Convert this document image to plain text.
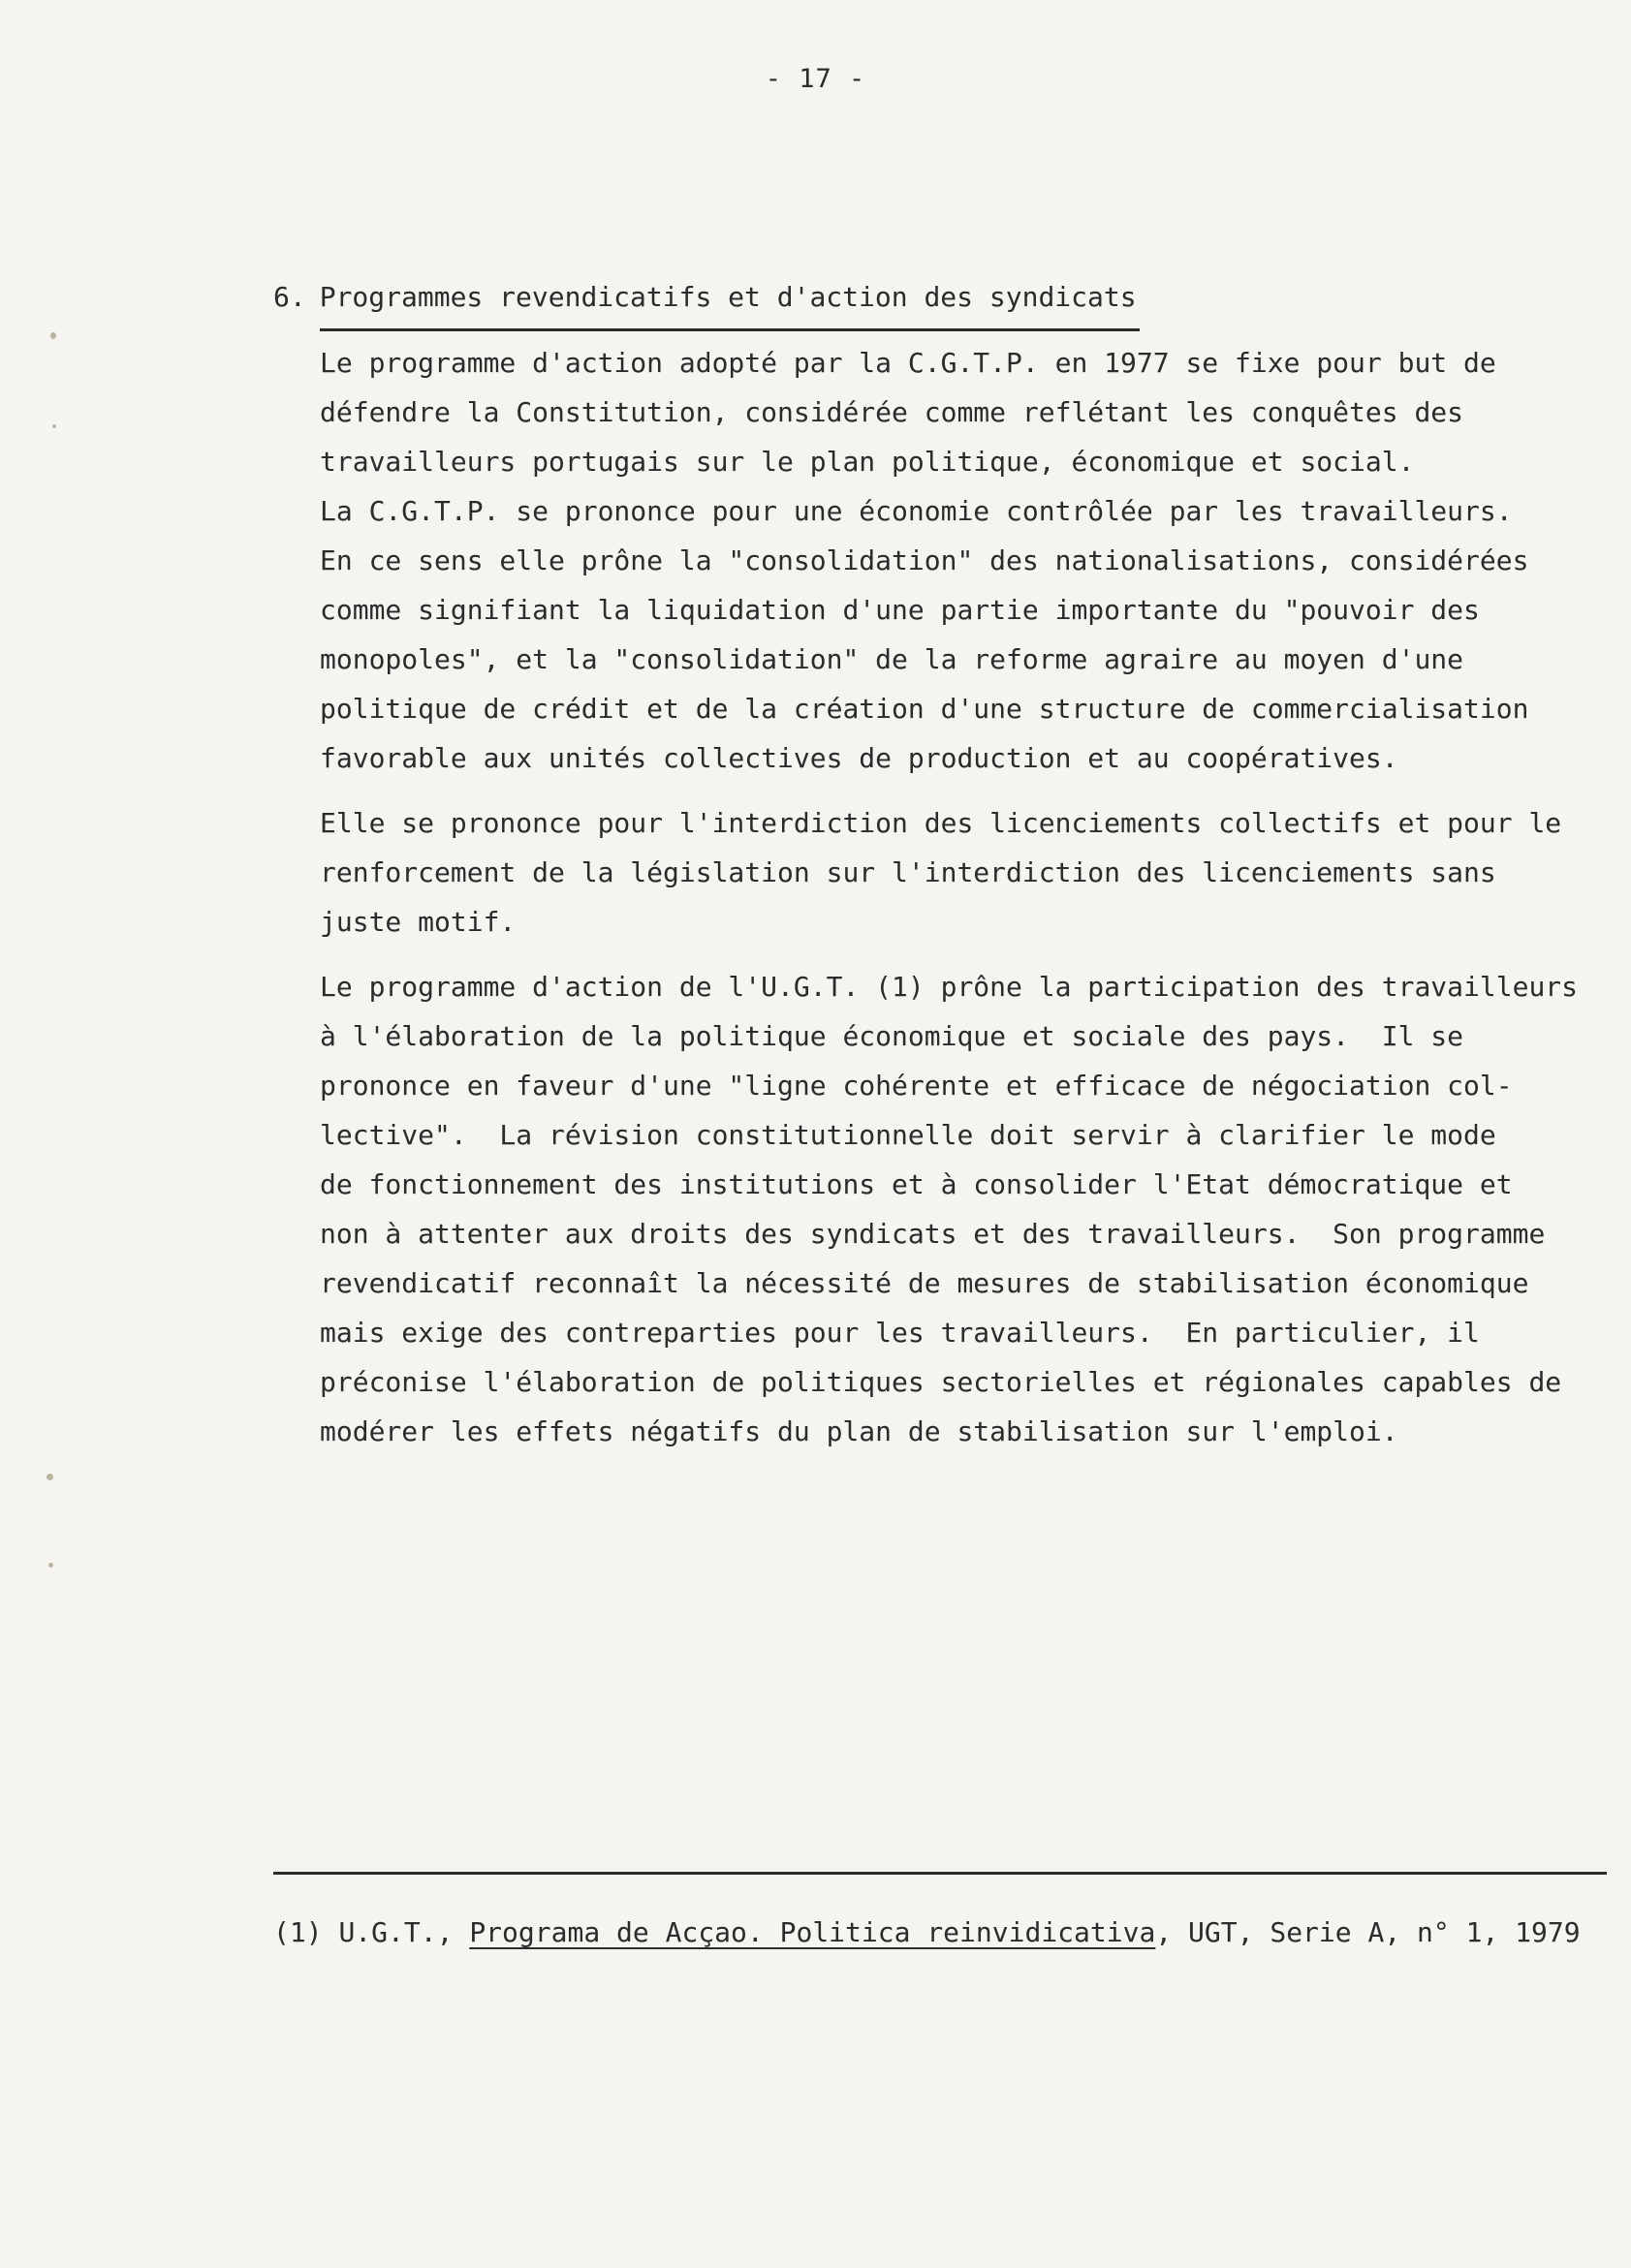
- 17 -
6. Programmes revendicatifs et d'action des syndicats

Le programme d'action adopté par la C.G.T.P. en 1977 se fixe pour but de
défendre la Constitution, considérée comme reflétant les conquêtes des
travailleurs portugais sur le plan politique, économique et social.
La C.G.T.P. se prononce pour une économie contrôlée par les travailleurs.
En ce sens elle prône la "consolidation" des nationalisations, considérées
comme signifiant la liquidation d'une partie importante du "pouvoir des
monopoles", et la "consolidation" de la reforme agraire au moyen d'une
politique de crédit et de la création d'une structure de commercialisation
favorable aux unités collectives de production et au coopératives.

Elle se prononce pour l'interdiction des licenciements collectifs et pour le
renforcement de la législation sur l'interdiction des licenciements sans
juste motif.

Le programme d'action de l'U.G.T. (1) prône la participation des travailleurs
à l'élaboration de la politique économique et sociale des pays.  Il se
prononce en faveur d'une "ligne cohérente et efficace de négociation col-
lective".  La révision constitutionnelle doit servir à clarifier le mode
de fonctionnement des institutions et à consolider l'Etat démocratique et
non à attenter aux droits des syndicats et des travailleurs.  Son programme
revendicatif reconnaît la nécessité de mesures de stabilisation économique
mais exige des contreparties pour les travailleurs.  En particulier, il
préconise l'élaboration de politiques sectorielles et régionales capables de
modérer les effets négatifs du plan de stabilisation sur l'emploi.

(1) U.G.T., Programa de Acçao. Politica reinvidicativa, UGT, Serie A, n° 1, 1979
